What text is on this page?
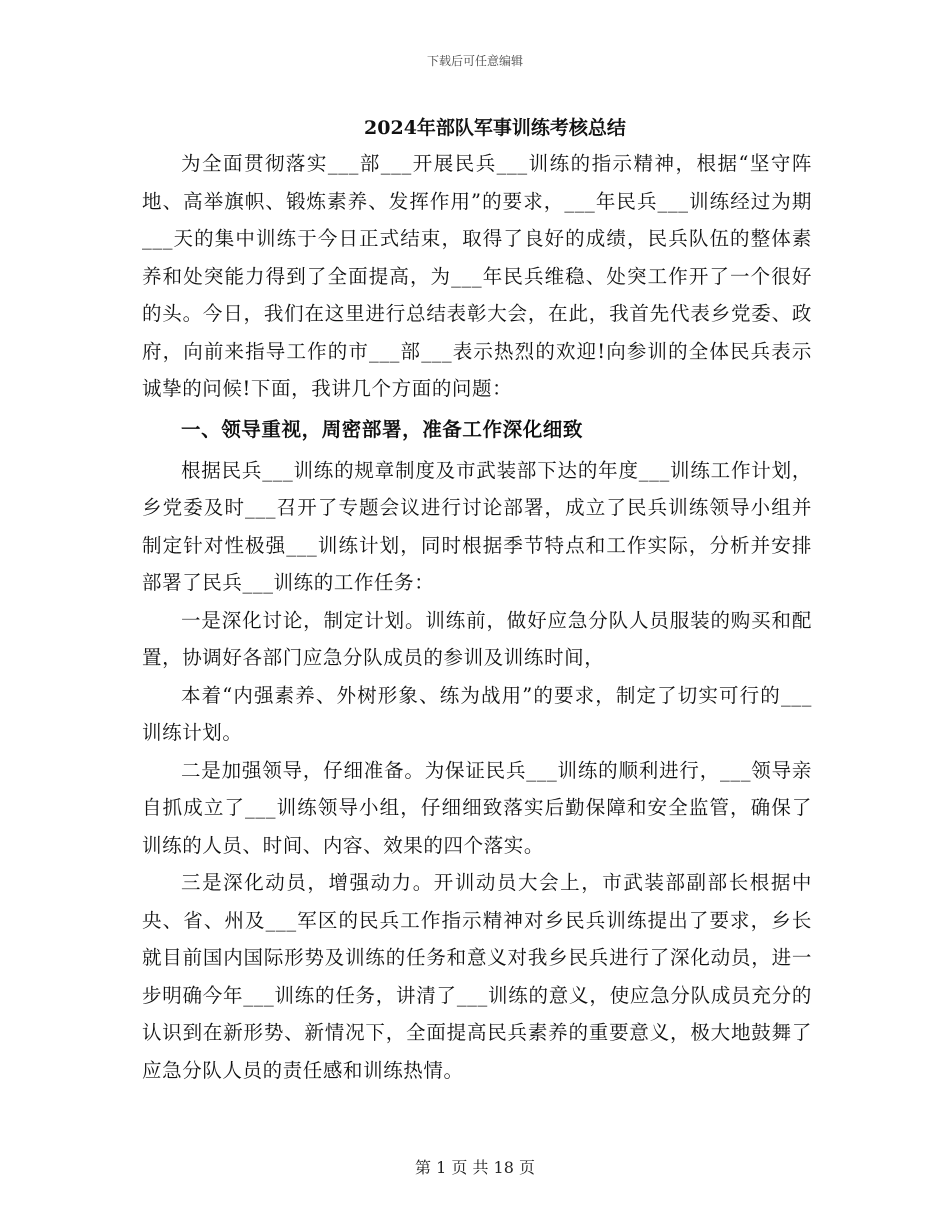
下载后可任意编辑
2024年部队军事训练考核总结

为全面贯彻落实___部___开展民兵___训练的指示精神，根据“坚守阵地、高举旗帜、锻炼素养、发挥作用”的要求，___年民兵___训练经过为期___天的集中训练于今日正式结束，取得了良好的成绩，民兵队伍的整体素养和处突能力得到了全面提高，为___年民兵维稳、处突工作开了一个很好的头。今日，我们在这里进行总结表彰大会，在此，我首先代表乡党委、政府，向前来指导工作的市___部___表示热烈的欢迎!向参训的全体民兵表示诚挚的问候!下面，我讲几个方面的问题：

一、领导重视，周密部署，准备工作深化细致

根据民兵___训练的规章制度及市武装部下达的年度___训练工作计划，乡党委及时___召开了专题会议进行讨论部署，成立了民兵训练领导小组并制定针对性极强___训练计划，同时根据季节特点和工作实际，分析并安排部署了民兵___训练的工作任务：

一是深化讨论，制定计划。训练前，做好应急分队人员服装的购买和配置，协调好各部门应急分队成员的参训及训练时间，

本着“内强素养、外树形象、练为战用”的要求，制定了切实可行的___训练计划。

二是加强领导，仔细准备。为保证民兵___训练的顺利进行，___领导亲自抓成立了___训练领导小组，仔细细致落实后勤保障和安全监管，确保了训练的人员、时间、内容、效果的四个落实。

三是深化动员，增强动力。开训动员大会上，市武装部副部长根据中央、省、州及___军区的民兵工作指示精神对乡民兵训练提出了要求，乡长就目前国内国际形势及训练的任务和意义对我乡民兵进行了深化动员，进一步明确今年___训练的任务，讲清了___训练的意义，使应急分队成员充分的认识到在新形势、新情况下，全面提高民兵素养的重要意义，极大地鼓舞了应急分队人员的责任感和训练热情。

第 1 页 共 18 页
